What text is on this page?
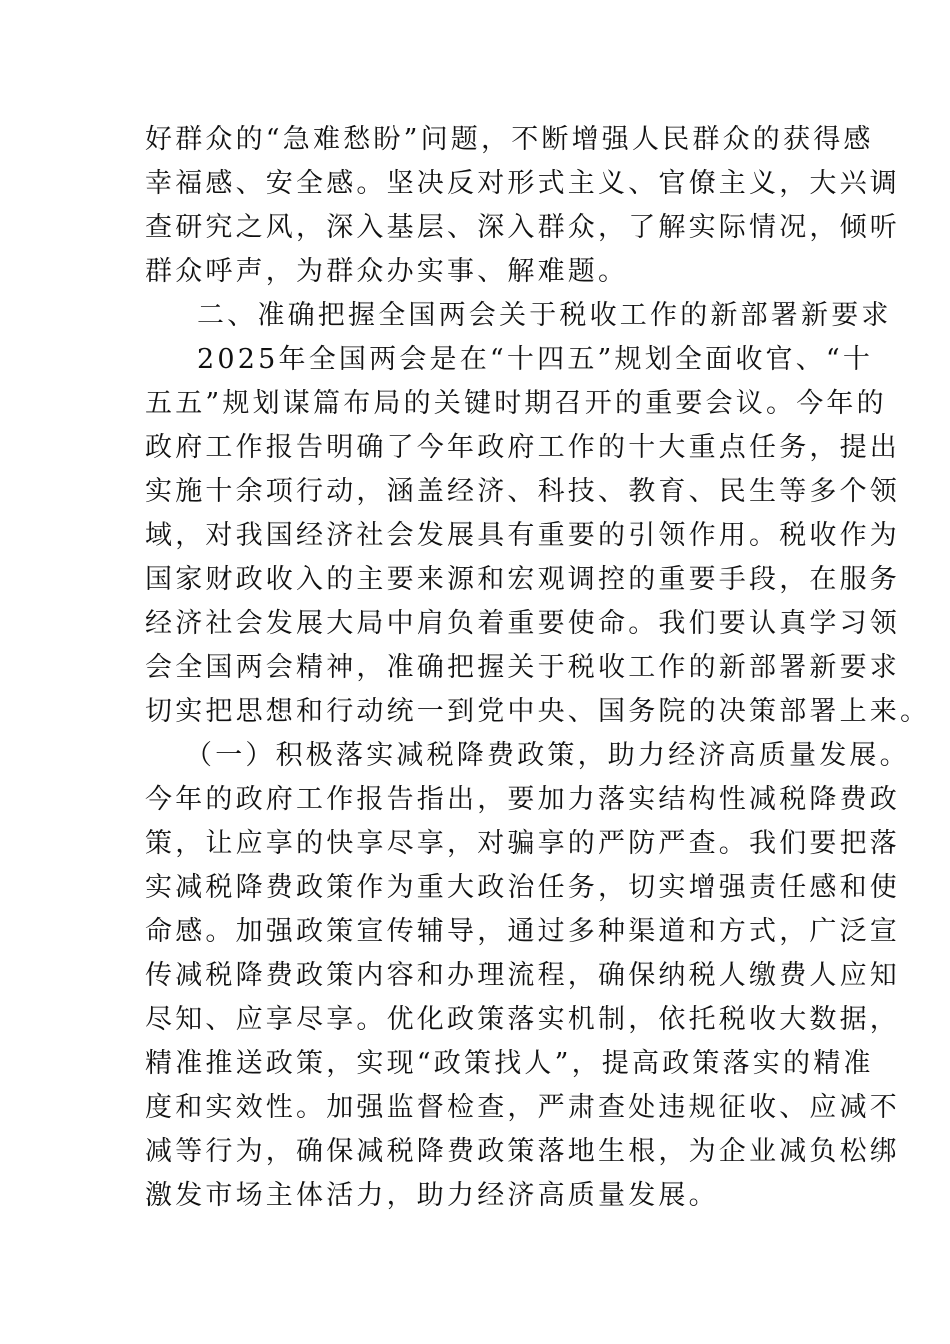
好群众的“急难愁盼”问题，不断增强人民群众的获得感
幸福感、安全感。坚决反对形式主义、官僚主义，大兴调
查研究之风，深入基层、深入群众，了解实际情况，倾听
群众呼声，为群众办实事、解难题。
二、准确把握全国两会关于税收工作的新部署新要求
2025年全国两会是在“十四五”规划全面收官、“十
五五”规划谋篇布局的关键时期召开的重要会议。今年的
政府工作报告明确了今年政府工作的十大重点任务，提出
实施十余项行动，涵盖经济、科技、教育、民生等多个领
域，对我国经济社会发展具有重要的引领作用。税收作为
国家财政收入的主要来源和宏观调控的重要手段，在服务
经济社会发展大局中肩负着重要使命。我们要认真学习领
会全国两会精神，准确把握关于税收工作的新部署新要求
切实把思想和行动统一到党中央、国务院的决策部署上来。
（一）积极落实减税降费政策，助力经济高质量发展。
今年的政府工作报告指出，要加力落实结构性减税降费政
策，让应享的快享尽享，对骗享的严防严查。我们要把落
实减税降费政策作为重大政治任务，切实增强责任感和使
命感。加强政策宣传辅导，通过多种渠道和方式，广泛宣
传减税降费政策内容和办理流程，确保纳税人缴费人应知
尽知、应享尽享。优化政策落实机制，依托税收大数据，
精准推送政策，实现“政策找人”，提高政策落实的精准
度和实效性。加强监督检查，严肃查处违规征收、应减不
减等行为，确保减税降费政策落地生根，为企业减负松绑
激发市场主体活力，助力经济高质量发展。
